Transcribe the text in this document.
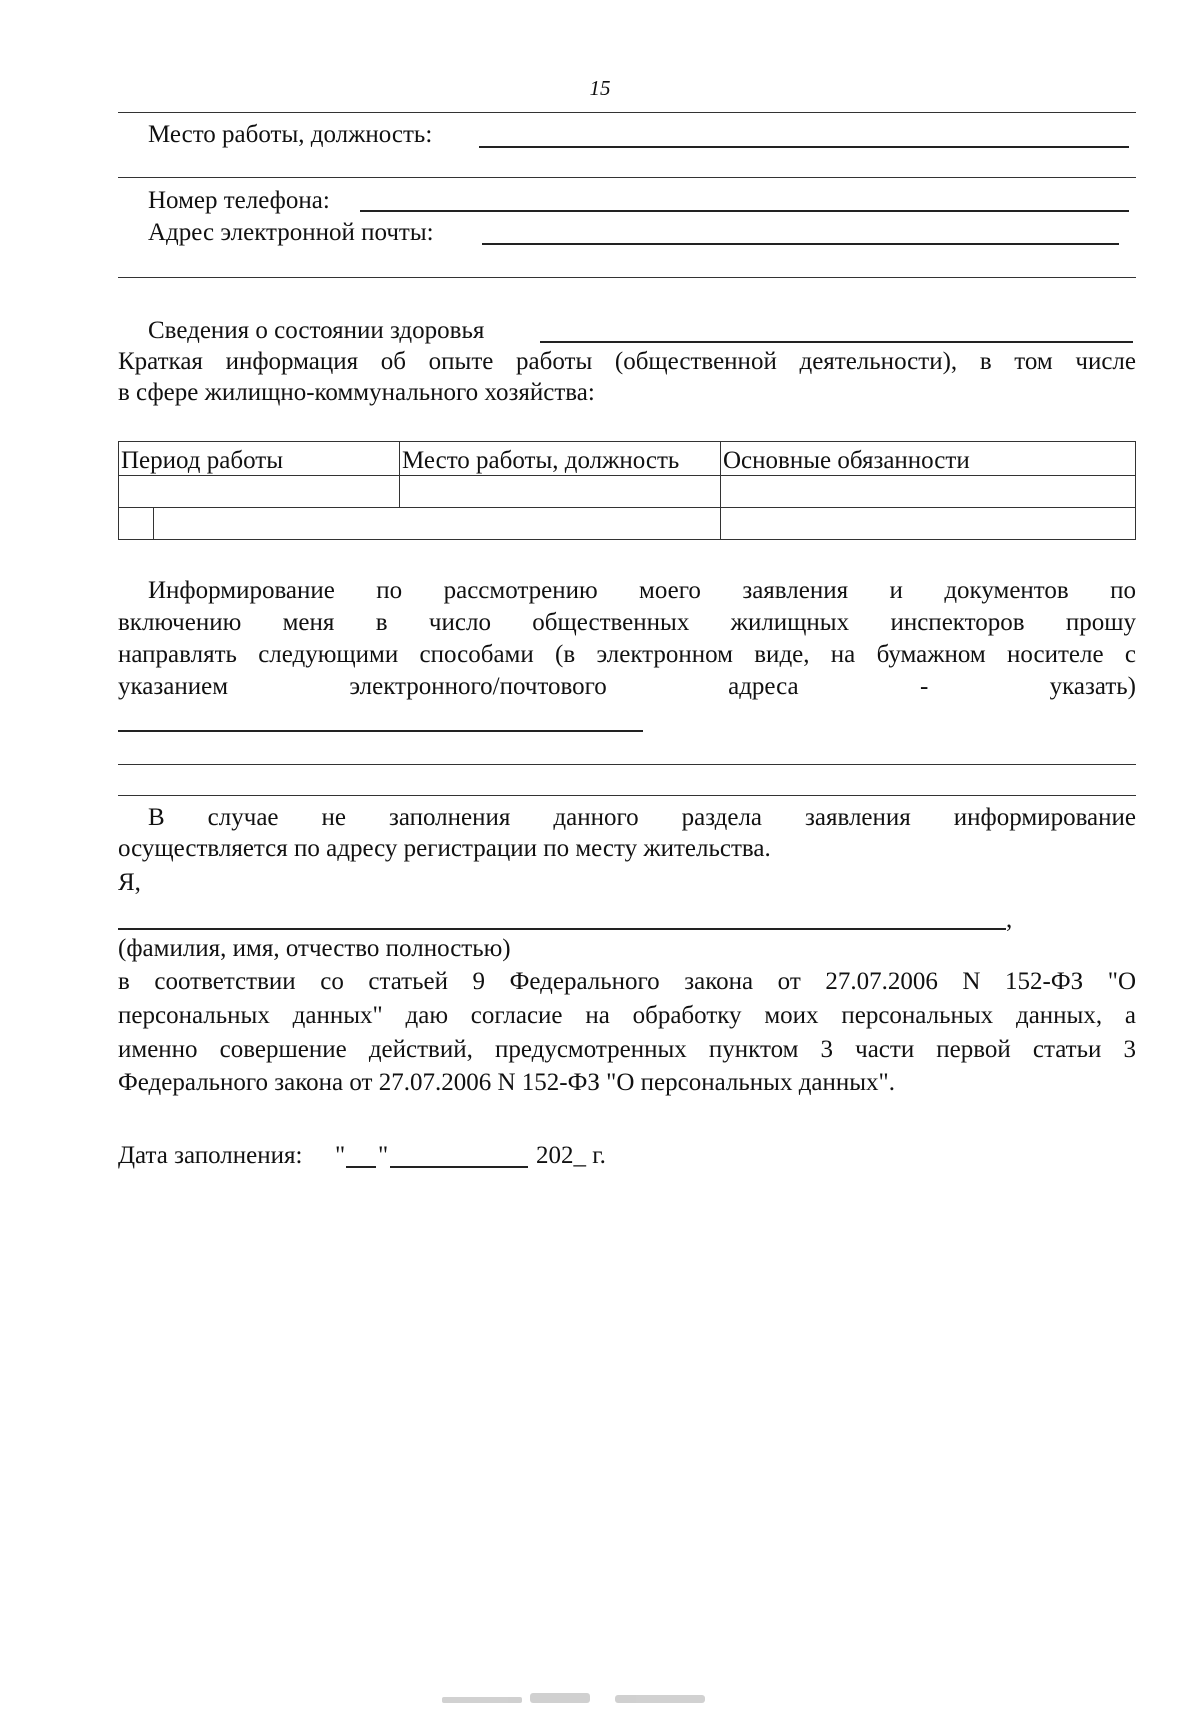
15
Место работы, должность:
Номер телефона:
Адрес электронной почты:
Сведения о состоянии здоровья
Краткая информация об опыте работы (общественной деятельности), в том числе
в сфере жилищно-коммунального хозяйства:
Период работы	Место работы, должность	Основные обязанности

Информирование по рассмотрению моего заявления и документов по
включению меня в число общественных жилищных инспекторов прошу
направлять следующими способами (в электронном виде, на бумажном носителе с
указанием электронного/почтового адреса - указать)
В случае не заполнения данного раздела заявления информирование
осуществляется по адресу регистрации по месту жительства.
Я,
,
(фамилия, имя, отчество полностью)
в соответствии со статьей 9 Федерального закона от 27.07.2006 N 152-ФЗ "О
персональных данных" даю согласие на обработку моих персональных данных, а
именно совершение действий, предусмотренных пунктом 3 части первой статьи 3
Федерального закона от 27.07.2006 N 152-ФЗ "О персональных данных".
Дата заполнения: " "	202_ г.
